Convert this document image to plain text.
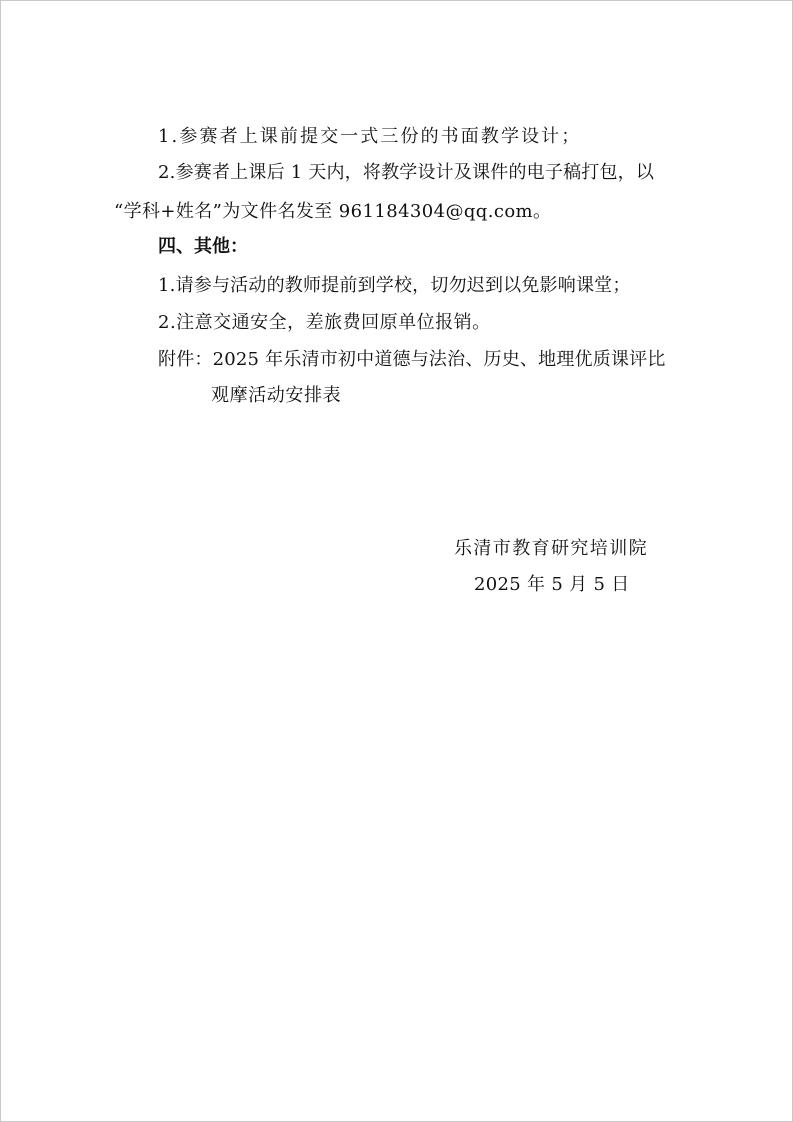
1.参赛者上课前提交一式三份的书面教学设计；
2.参赛者上课后 1 天内，将教学设计及课件的电子稿打包，以
“学科+姓名”为文件名发至 961184304@qq.com。
四、其他：
1.请参与活动的教师提前到学校，切勿迟到以免影响课堂；
2.注意交通安全，差旅费回原单位报销。
附件：2025 年乐清市初中道德与法治、历史、地理优质课评比
观摩活动安排表
乐清市教育研究培训院
2025 年 5 月 5 日
